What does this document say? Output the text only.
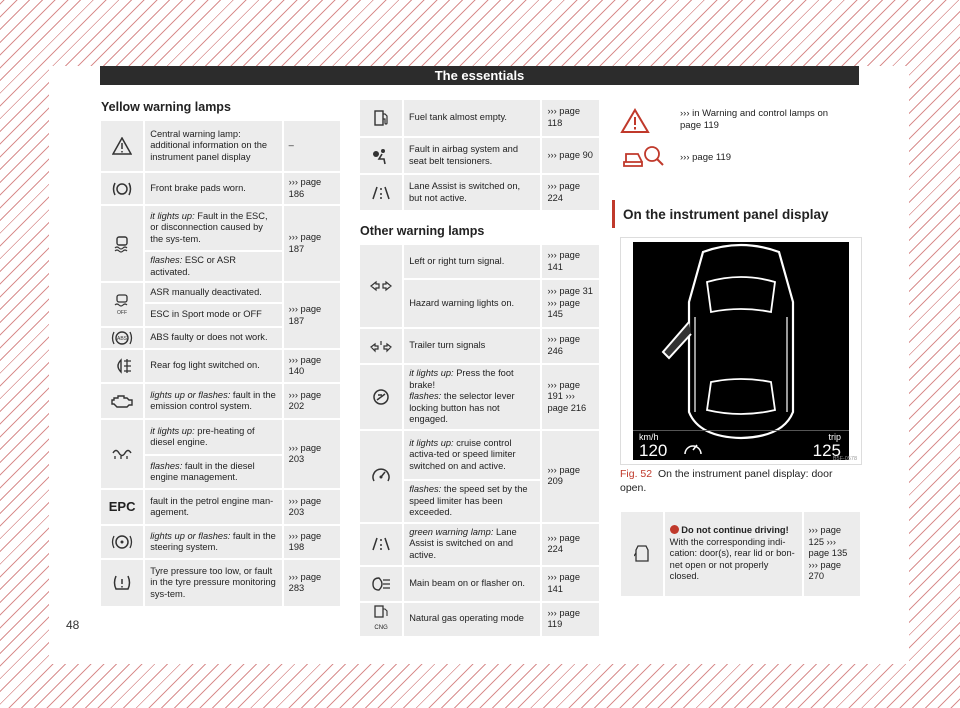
The essentials
Yellow warning lamps
	Central warning lamp: additional information on the instrument panel display	–

	Front brake pads worn.	››› page 186

	it lights up: Fault in the ESC, or disconnection caused by the sys-tem.	››› page 187
	flashes: ESC or ASR activated.	

OFF	ASR manually deactivated.	››› page 187
	ESC in Sport mode or OFF	

ABS	ABS faulty or does not work.	

	Rear fog light switched on.	››› page 140

	lights up or flashes: fault in the emission control system.	››› page 202

	it lights up: pre-heating of diesel engine.	››› page 203
	flashes: fault in the diesel engine management.	
EPC	fault in the petrol engine man-agement.	››› page 203

	lights up or flashes: fault in the steering system.	››› page 198

	Tyre pressure too low, or fault in the tyre pressure monitoring sys-tem.	››› page 283
	Fuel tank almost empty.	››› page 118

	Fault in airbag system and seat belt tensioners.	››› page 90

	Lane Assist is switched on, but not active.	››› page 224
Other warning lamps
	Left or right turn signal.	››› page 141
	Hazard warning lights on.	››› page 31 ››› page 145

	Trailer turn signals	››› page 246

	it lights up: Press the foot brake!
flashes: the selector lever locking button has not engaged.	››› page 191 ››› page 216

	it lights up: cruise control activa-ted or speed limiter switched on and active.	››› page 209
	flashes: the speed set by the speed limiter has been exceeded.	

	green warning lamp: Lane Assist is switched on and active.	››› page 224

	Main beam on or flasher on.	››› page 141

CNG	Natural gas operating mode	››› page 119
››› in Warning and control lamps on page 119
››› page 119
On the instrument panel display
km/h
120
trip
125
B5F-0578
Fig. 52 On the instrument panel display: door open.
	Do not continue driving!
With the corresponding indi-cation: door(s), rear lid or bon-net open or not properly closed.	››› page 125 ››› page 135 ››› page 270
48
